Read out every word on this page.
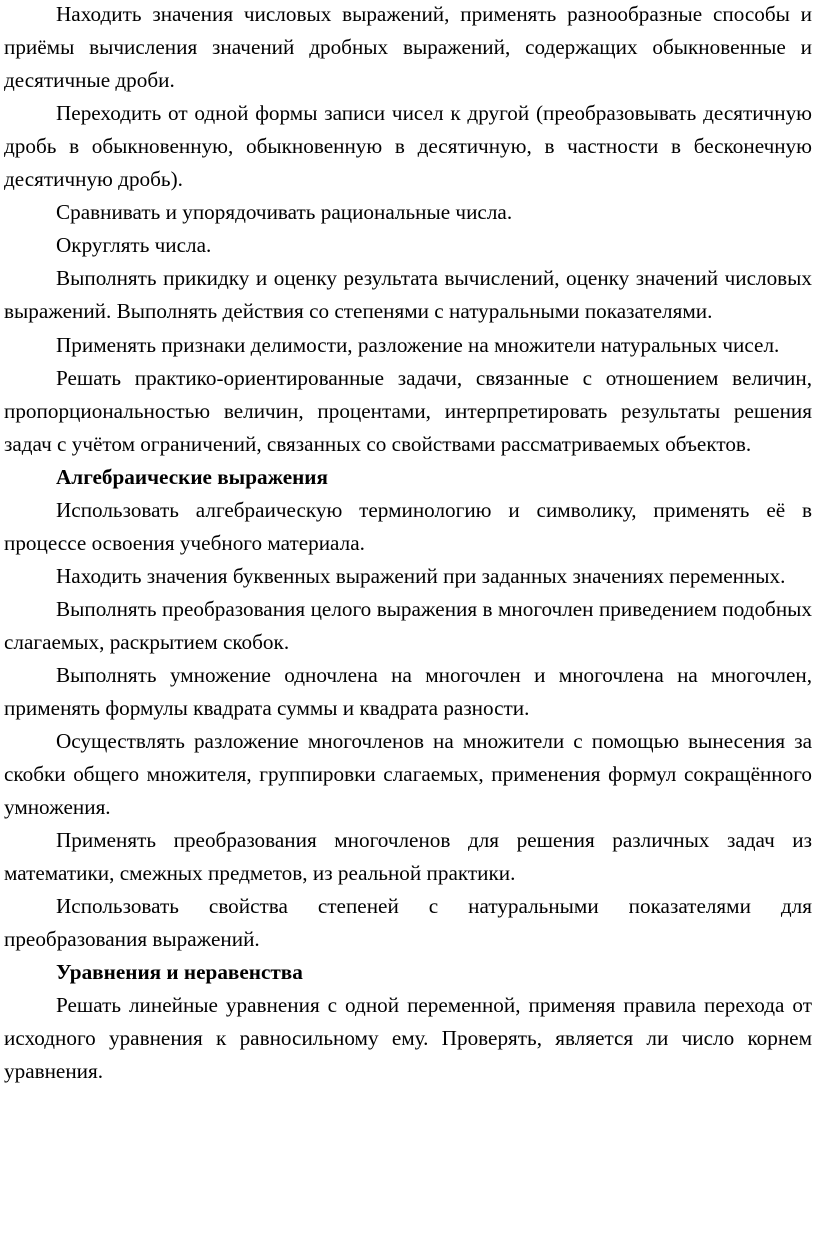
Находить значения числовых выражений, применять разнообразные способы и приёмы вычисления значений дробных выражений, содержащих обыкновенные и десятичные дроби.

Переходить от одной формы записи чисел к другой (преобразовывать десятичную дробь в обыкновенную, обыкновенную в десятичную, в частности в бесконечную десятичную дробь).

Сравнивать и упорядочивать рациональные числа.

Округлять числа.

Выполнять прикидку и оценку результата вычислений, оценку значений числовых выражений. Выполнять действия со степенями с натуральными показателями.

Применять признаки делимости, разложение на множители натуральных чисел.

Решать практико-ориентированные задачи, связанные с отношением величин, пропорциональностью величин, процентами, интерпретировать результаты решения задач с учётом ограничений, связанных со свойствами рассматриваемых объектов.

Алгебраические выражения

Использовать алгебраическую терминологию и символику, применять её в процессе освоения учебного материала.

Находить значения буквенных выражений при заданных значениях переменных.

Выполнять преобразования целого выражения в многочлен приведением подобных слагаемых, раскрытием скобок.

Выполнять умножение одночлена на многочлен и многочлена на многочлен, применять формулы квадрата суммы и квадрата разности.

Осуществлять разложение многочленов на множители с помощью вынесения за скобки общего множителя, группировки слагаемых, применения формул сокращённого умножения.

Применять преобразования многочленов для решения различных задач из математики, смежных предметов, из реальной практики.

Использовать свойства степеней с натуральными показателями для преобразования выражений.

Уравнения и неравенства

Решать линейные уравнения с одной переменной, применяя правила перехода от исходного уравнения к равносильному ему. Проверять, является ли число корнем уравнения.
